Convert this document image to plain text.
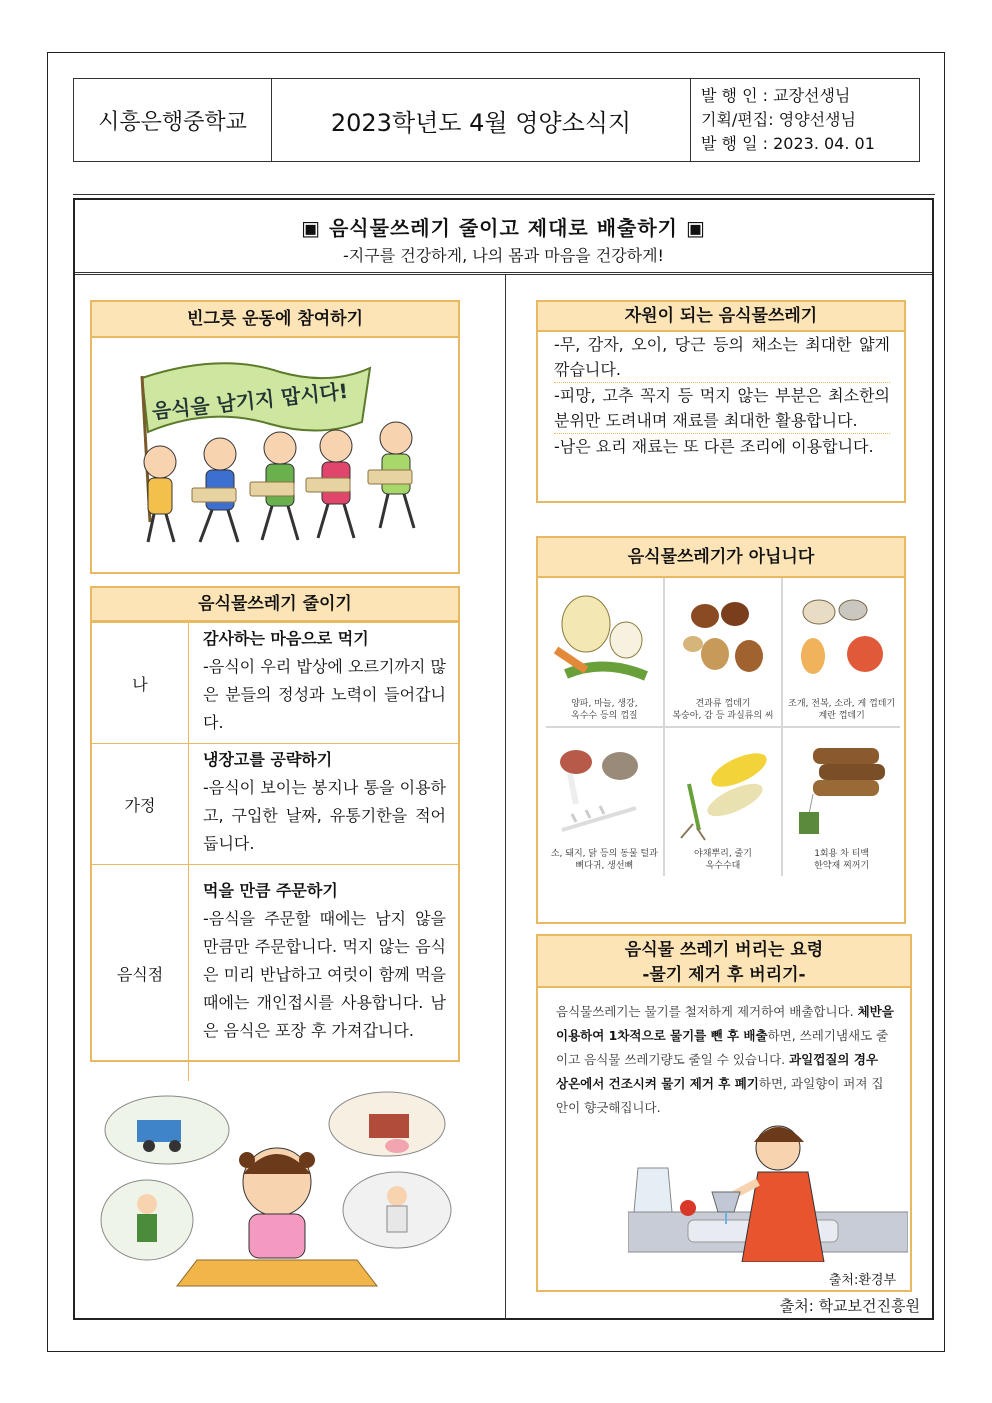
시흥은행중학교	2023학년도 4월 영양소식지
발 행 인 : 교장선생님
기획/편집: 영양선생님
발 행 일 : 2023. 04. 01
▣ 음식물쓰레기 줄이고 제대로 배출하기 ▣
-지구를 건강하게, 나의 몸과 마음을 건강하게!
빈그릇 운동에 참여하기
음식을 남기지 맙시다!
음식물쓰레기 줄이기
나	감사하는 마음으로 먹기
-음식이 우리 밥상에 오르기까지 많은 분들의 정성과 노력이 들어갑니다.
가정	냉장고를 공략하기
-음식이 보이는 봉지나 통을 이용하고, 구입한 날짜, 유통기한을 적어 둡니다.
음식점	먹을 만큼 주문하기
-음식을 주문할 때에는 남지 않을 만큼만 주문합니다. 먹지 않는 음식은 미리 반납하고 여럿이 함께 먹을 때에는 개인접시를 사용합니다. 남은 음식은 포장 후 가져갑니다.
자원이 되는 음식물쓰레기

-무, 감자, 오이, 당근 등의 채소는 최대한 얇게 깎습니다.

-피망, 고추 꼭지 등 먹지 않는 부분은 최소한의 분위만 도려내며 재료를 최대한 활용합니다.

-남은 요리 재료는 또 다른 조리에 이용합니다.

음식물쓰레기가 아닙니다
양파, 마늘, 생강,
옥수수 등의 껍질
견과류 껍데기
복숭아, 감 등 과실류의 씨
조개, 전복, 소라, 게 껍데기
계란 껍데기
소, 돼지, 닭 등의 동물 털과
뼈다귀, 생선뼈
야채뿌리, 줄기
옥수수대
1회용 차 티백
한약재 찌꺼기
음식물 쓰레기 버리는 요령
-물기 제거 후 버리기-
음식물쓰레기는 물기를 철저하게 제거하여 배출합니다. 체반을 이용하여 1차적으로 물기를 뺀 후 배출하면, 쓰레기냄새도 줄이고 음식물 쓰레기량도 줄일 수 있습니다. 과일껍질의 경우 상온에서 건조시켜 물기 제거 후 폐기하면, 과일향이 퍼져 집안이 향긋해집니다.
출처:환경부
출처: 학교보건진흥원
